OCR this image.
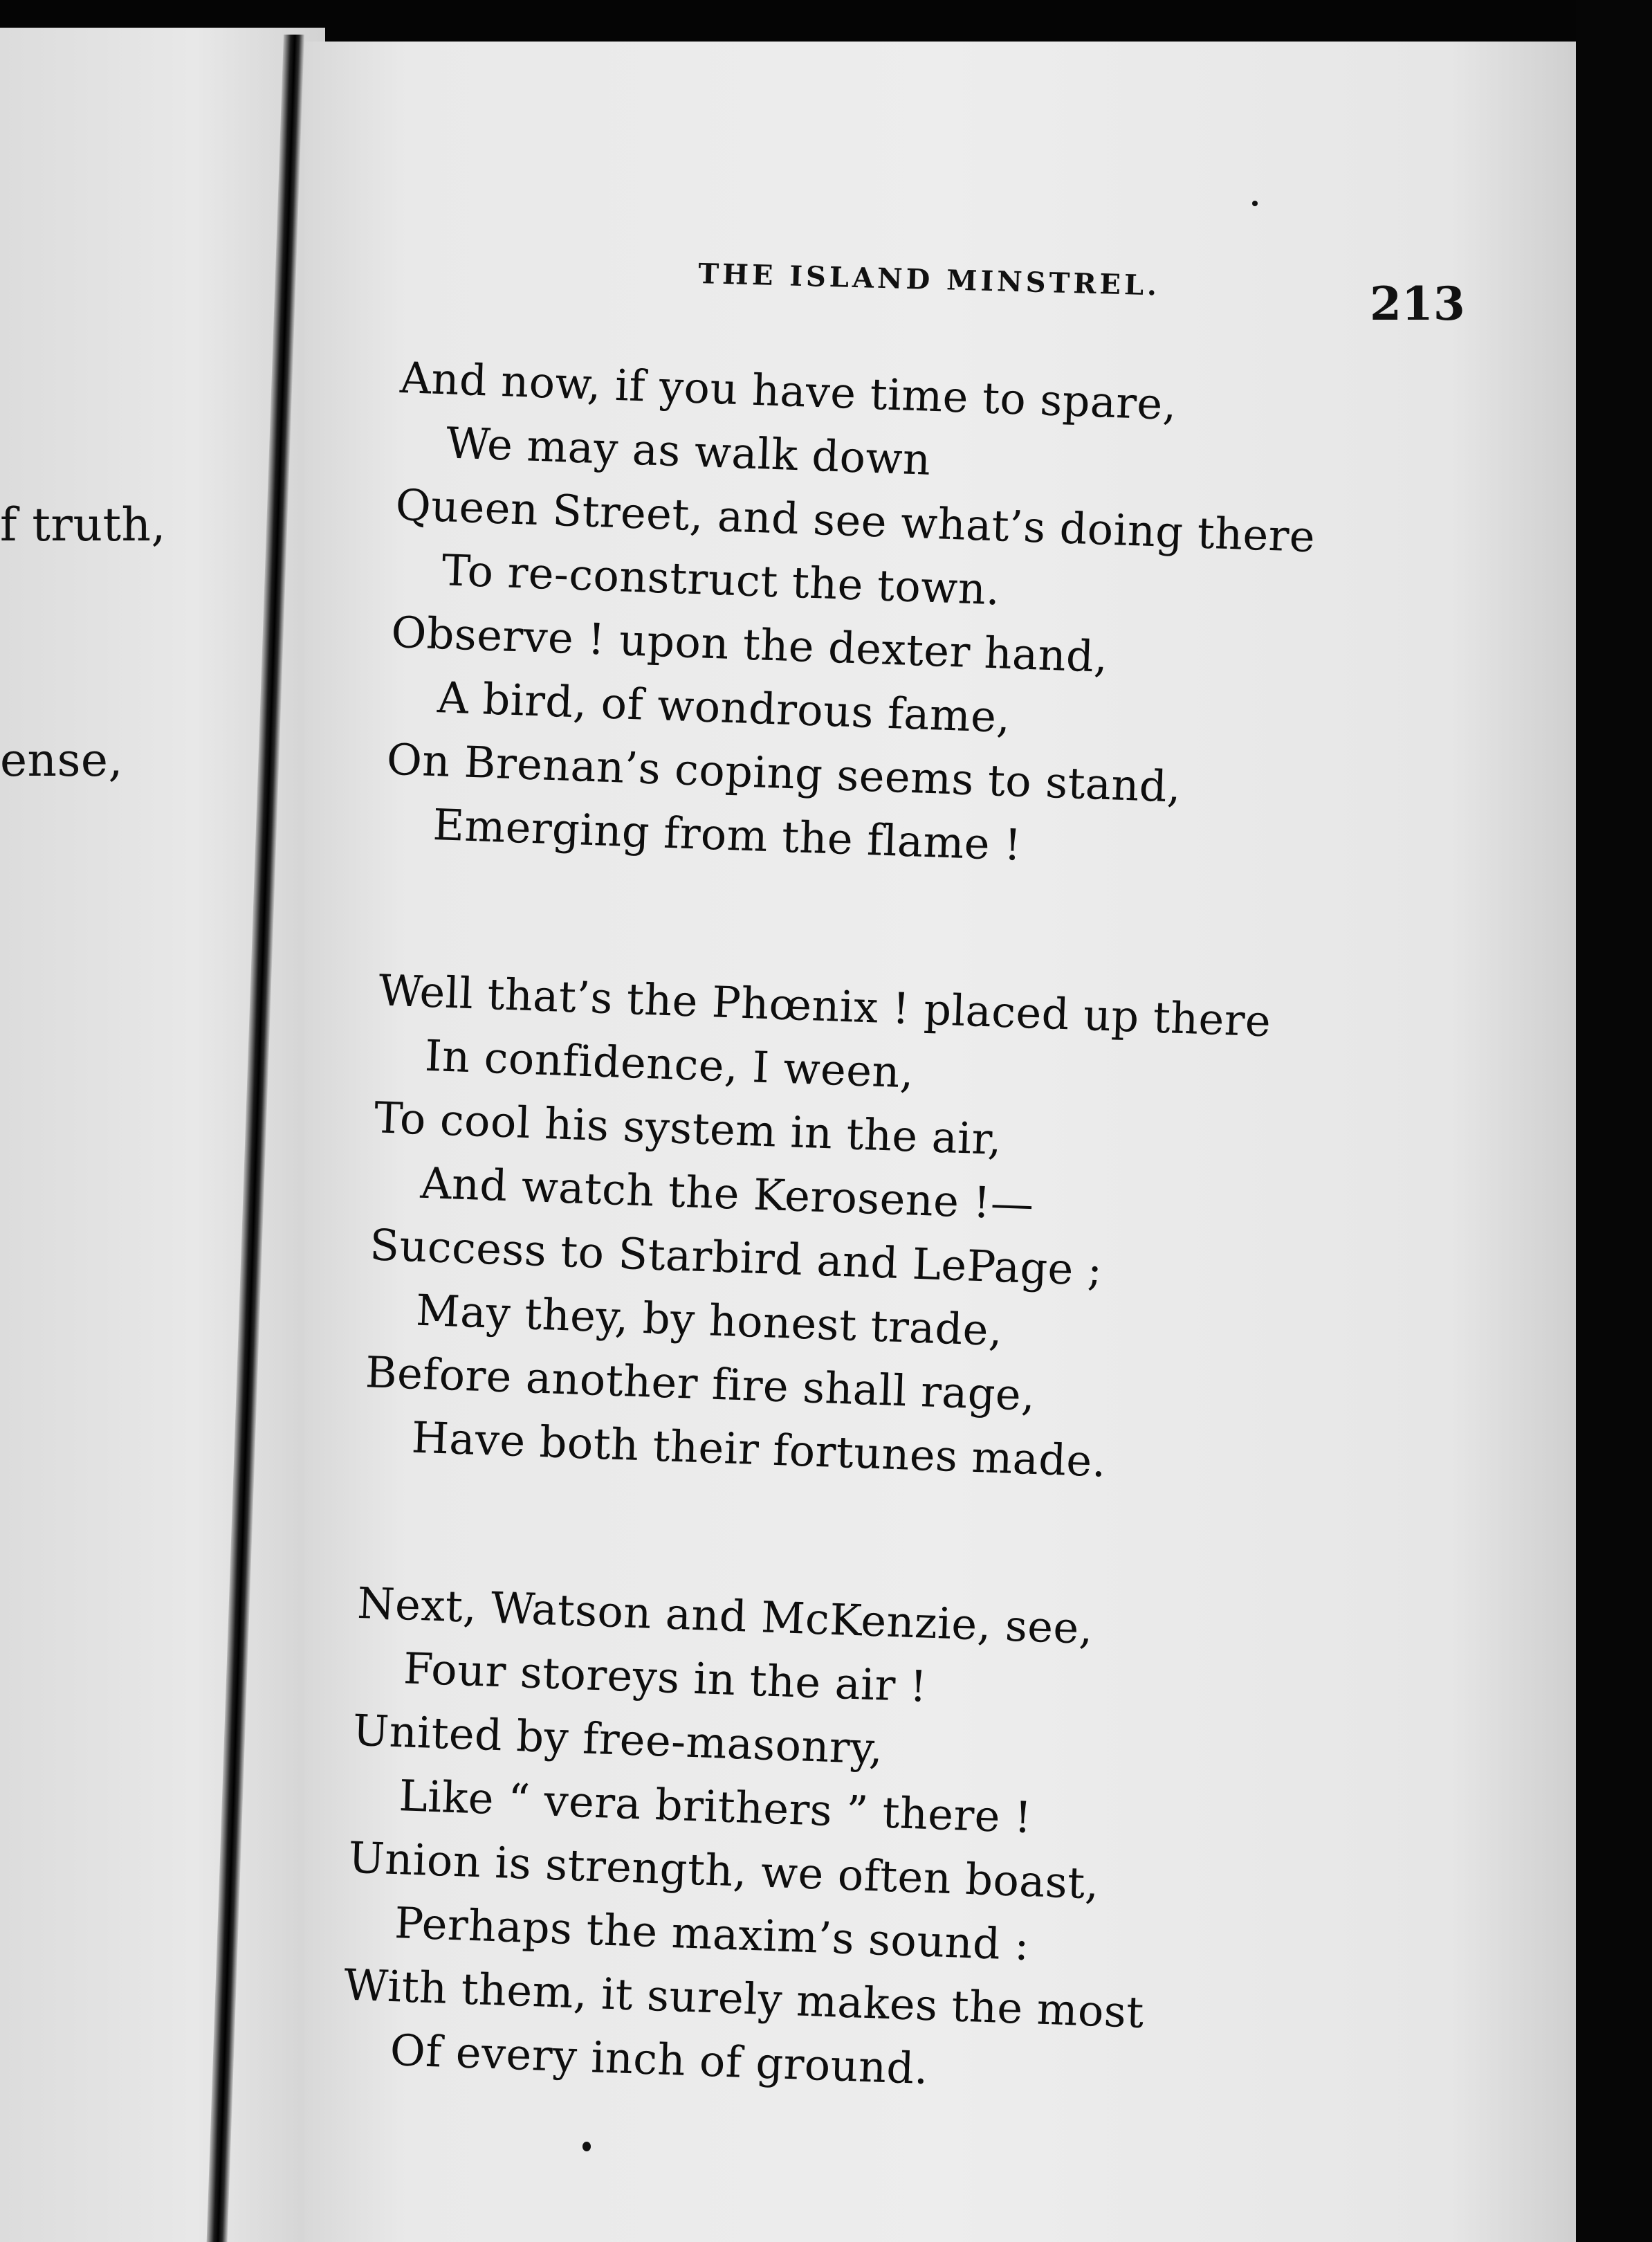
f truth,
ense,
THE ISLAND MINSTREL.	213
And now, if you have time to spare,
We may as walk down
Queen Street, and see what’s doing there
To re-construct the town.
Observe ! upon the dexter hand,
A bird, of wondrous fame,
On Brenan’s coping seems to stand,
Emerging from the flame !
Well that’s the Phœnix ! placed up there
In confidence, I ween,
To cool his system in the air,
And watch the Kerosene !—
Success to Starbird and LePage ;
May they, by honest trade,
Before another fire shall rage,
Have both their fortunes made.
Next, Watson and McKenzie, see,
Four storeys in the air !
United by free-masonry,
Like “ vera brithers ” there !
Union is strength, we often boast,
Perhaps the maxim’s sound :
With them, it surely makes the most
Of every inch of ground.
